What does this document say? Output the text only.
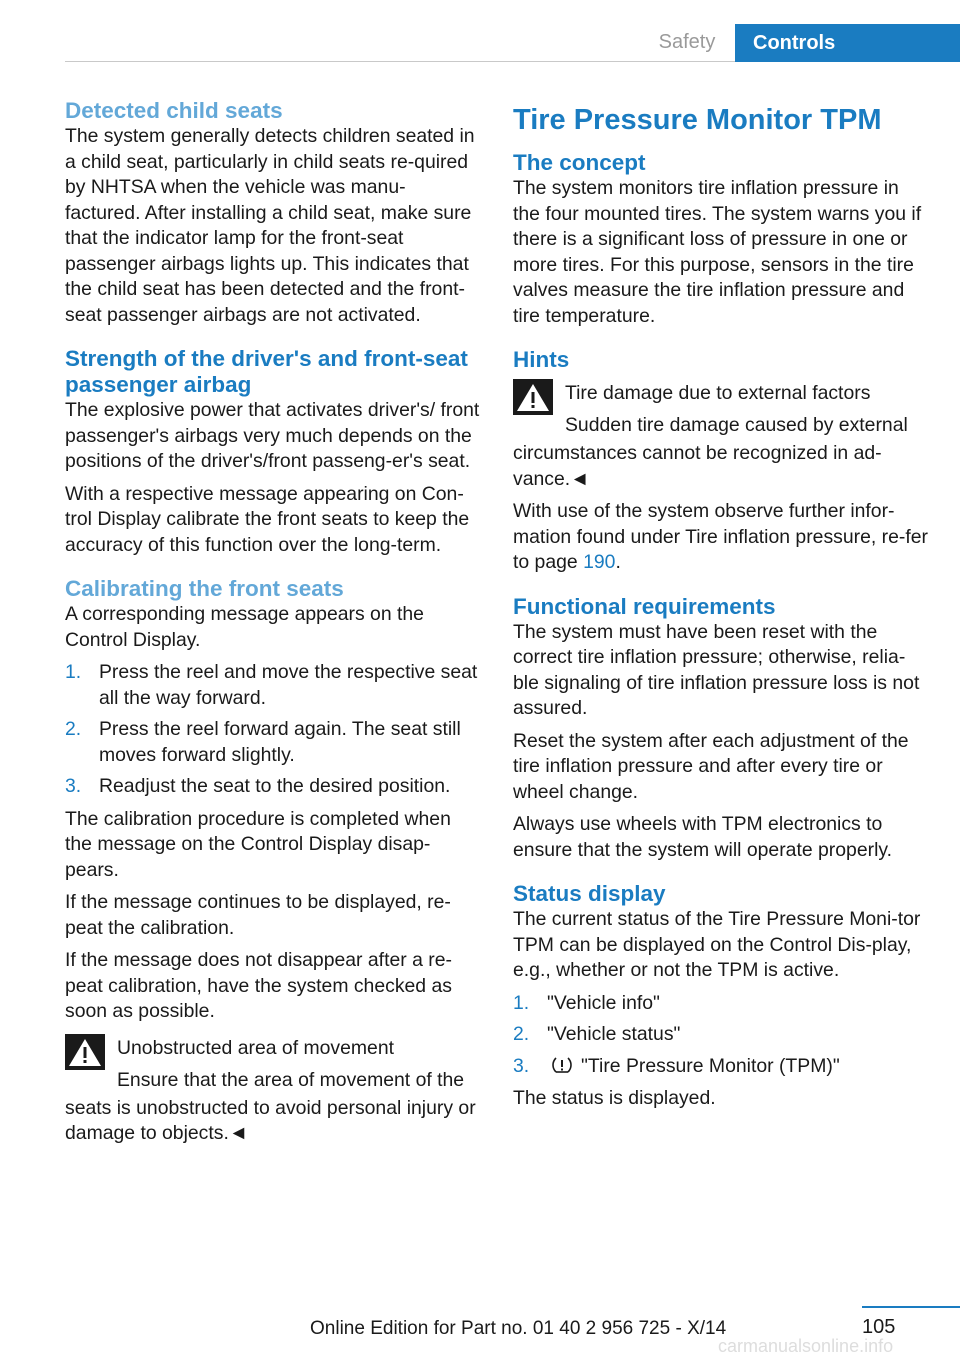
Safety	Controls
Detected child seats

The system generally detects children seated in a child seat, particularly in child seats re-quired by NHTSA when the vehicle was manu-factured. After installing a child seat, make sure that the indicator lamp for the front-seat passenger airbags lights up. This indicates that the child seat has been detected and the front-seat passenger airbags are not activated.

Strength of the driver's and front-seat passenger airbag

The explosive power that activates driver's/ front passenger's airbags very much depends on the positions of the driver's/front passeng-er's seat.

With a respective message appearing on Con-trol Display calibrate the front seats to keep the accuracy of this function over the long-term.

Calibrating the front seats

A corresponding message appears on the Control Display.

1. Press the reel and move the respective seat all the way forward.
2. Press the reel forward again. The seat still moves forward slightly.
3. Readjust the seat to the desired position.

The calibration procedure is completed when the message on the Control Display disap-pears.

If the message continues to be displayed, re-peat the calibration.

If the message does not disappear after a re-peat calibration, have the system checked as soon as possible.

Unobstructed area of movement
Ensure that the area of movement of the

seats is unobstructed to avoid personal injury or damage to objects.◄

Tire Pressure Monitor TPM
The concept

The system monitors tire inflation pressure in the four mounted tires. The system warns you if there is a significant loss of pressure in one or more tires. For this purpose, sensors in the tire valves measure the tire inflation pressure and tire temperature.

Hints
Tire damage due to external factors
Sudden tire damage caused by external

circumstances cannot be recognized in ad-vance.◄

With use of the system observe further infor-mation found under Tire inflation pressure, re-fer to page 190.

Functional requirements

The system must have been reset with the correct tire inflation pressure; otherwise, relia-ble signaling of tire inflation pressure loss is not assured.

Reset the system after each adjustment of the tire inflation pressure and after every tire or wheel change.

Always use wheels with TPM electronics to ensure that the system will operate properly.

Status display

The current status of the Tire Pressure Moni-tor TPM can be displayed on the Control Dis-play, e.g., whether or not the TPM is active.

1. "Vehicle info"
2. "Vehicle status"
3.	"Tire Pressure Monitor (TPM)"

The status is displayed.

105
Online Edition for Part no. 01 40 2 956 725 - X/14
carmanualsonline.info
